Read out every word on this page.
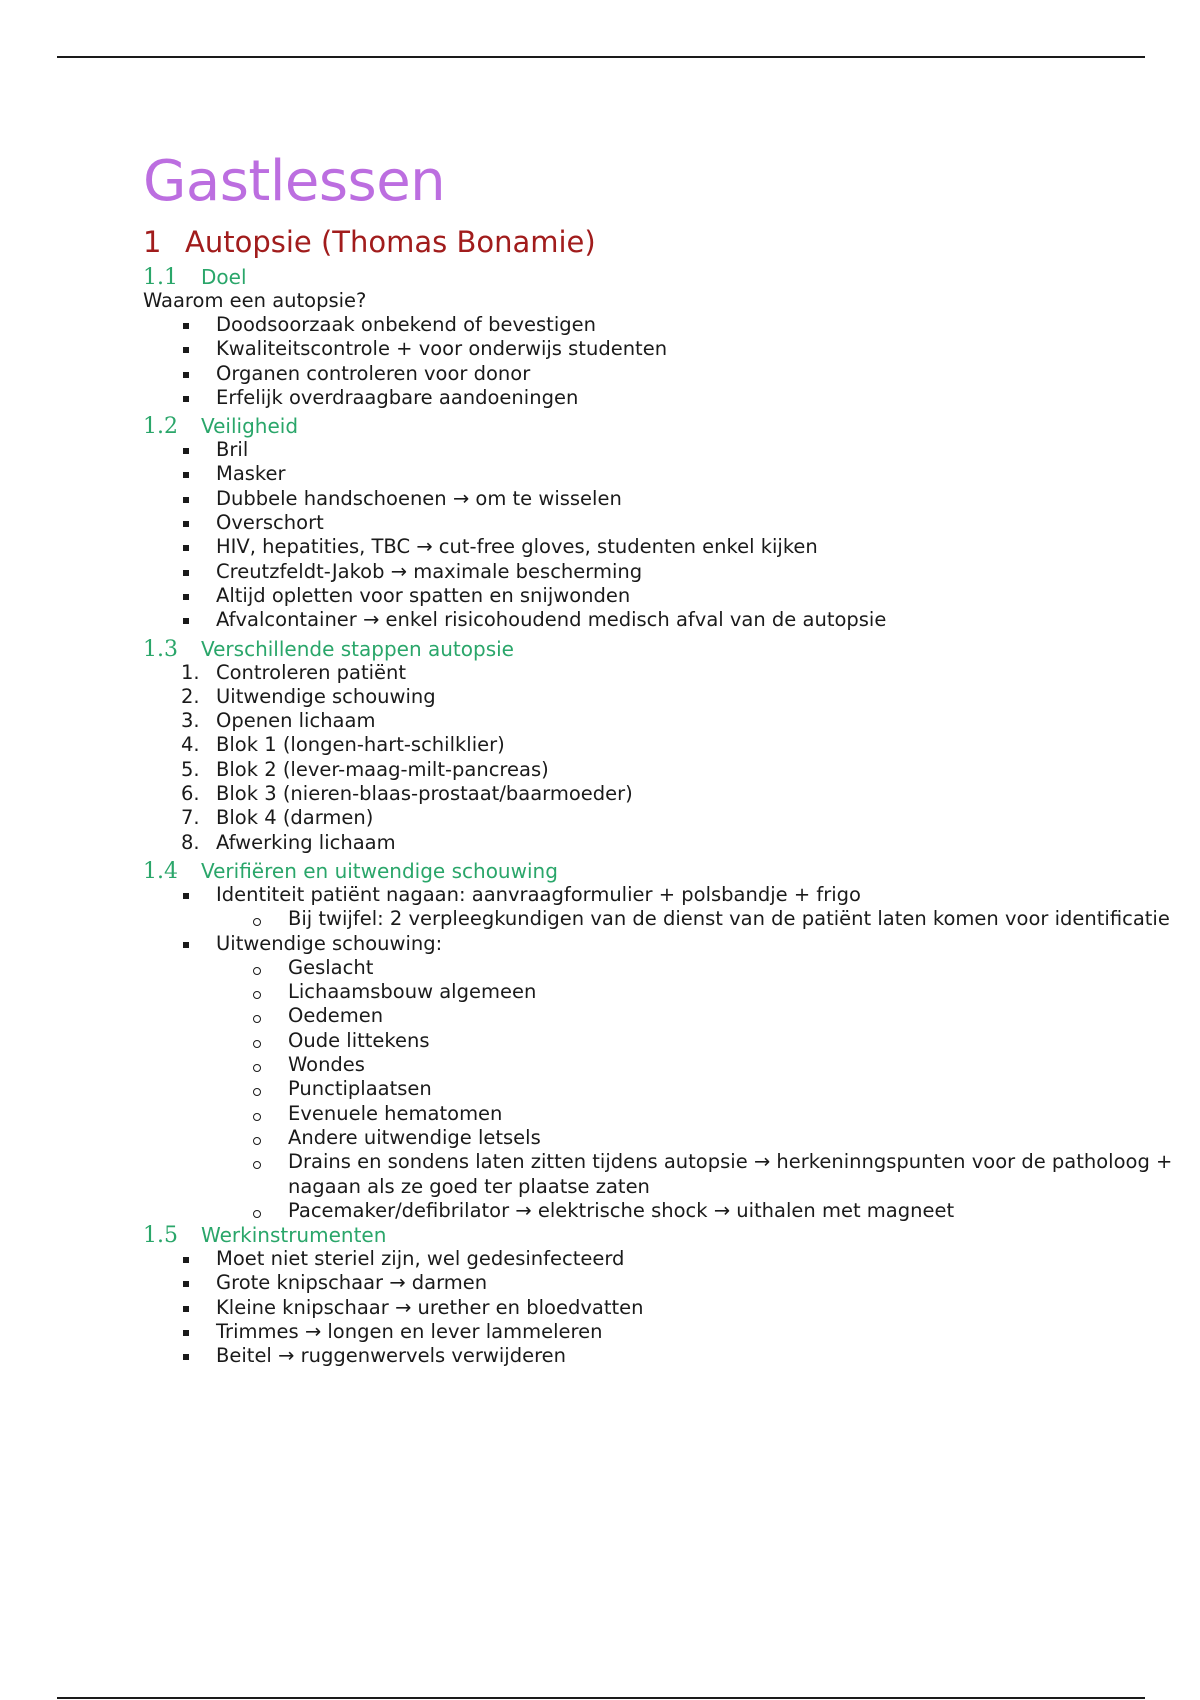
Gastlessen
1 Autopsie (Thomas Bonamie)
1.1	Doel
Waarom een autopsie?
Doodsoorzaak onbekend of bevestigen
Kwaliteitscontrole + voor onderwijs studenten
Organen controleren voor donor
Erfelijk overdraagbare aandoeningen
1.2	Veiligheid
Bril
Masker
Dubbele handschoenen → om te wisselen
Overschort
HIV, hepatities, TBC → cut-free gloves, studenten enkel kijken
Creutzfeldt-Jakob → maximale bescherming
Altijd opletten voor spatten en snijwonden
Afvalcontainer → enkel risicohoudend medisch afval van de autopsie
1.3	Verschillende stappen autopsie
1. Controleren patiënt
2. Uitwendige schouwing
3. Openen lichaam
4. Blok 1 (longen-hart-schilklier)
5. Blok 2 (lever-maag-milt-pancreas)
6. Blok 3 (nieren-blaas-prostaat/baarmoeder)
7. Blok 4 (darmen)
8. Afwerking lichaam
1.4	Verifiëren en uitwendige schouwing
Identiteit patiënt nagaan: aanvraagformulier + polsbandje + frigo
Bij twijfel: 2 verpleegkundigen van de dienst van de patiënt laten komen voor identificatie
Uitwendige schouwing:
Geslacht
Lichaamsbouw algemeen
Oedemen
Oude littekens
Wondes
Punctiplaatsen
Evenuele hematomen
Andere uitwendige letsels
Drains en sondens laten zitten tijdens autopsie → herkeninngspunten voor de patholoog + nagaan als ze goed ter plaatse zaten
Pacemaker/defibrilator → elektrische shock → uithalen met magneet
1.5	Werkinstrumenten
Moet niet steriel zijn, wel gedesinfecteerd
Grote knipschaar → darmen
Kleine knipschaar → urether en bloedvatten
Trimmes → longen en lever lammeleren
Beitel → ruggenwervels verwijderen
